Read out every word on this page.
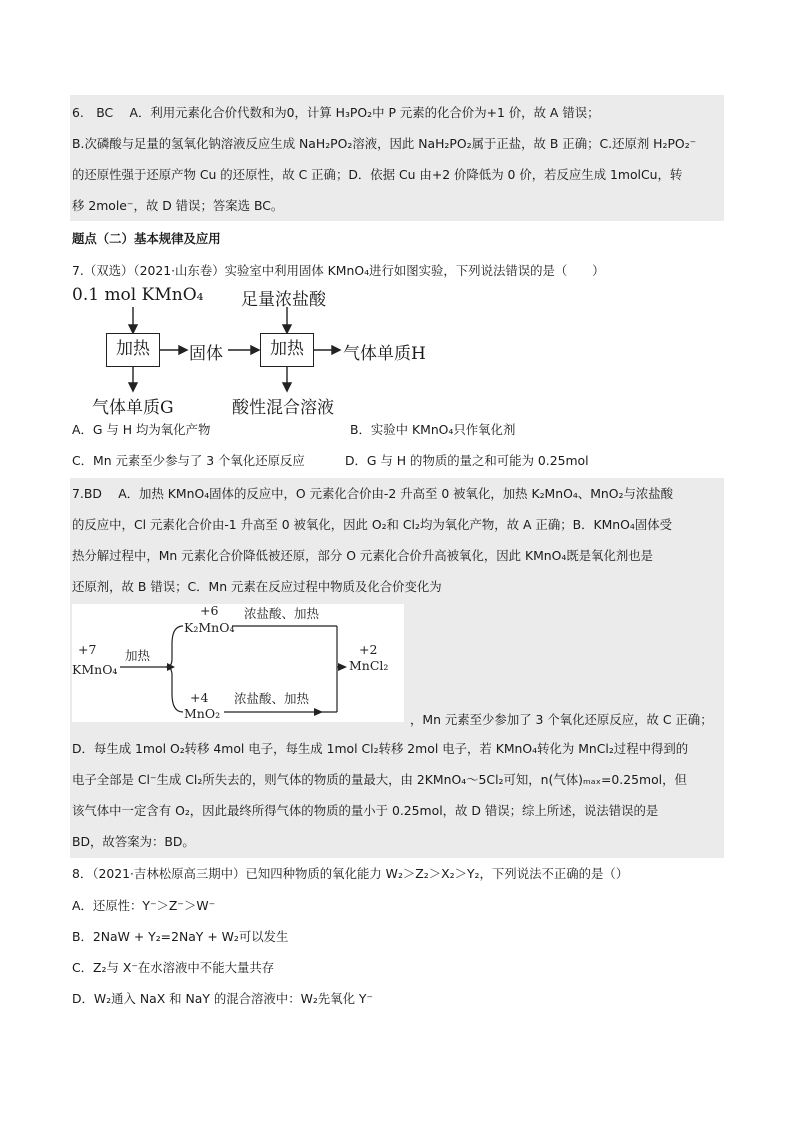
6.　BC　 A．利用元素化合价代数和为0，计算 H₃PO₂中 P 元素的化合价为+1 价，故 A 错误；
B.次磷酸与足量的氢氧化钠溶液反应生成 NaH₂PO₂溶液，因此 NaH₂PO₂属于正盐，故 B 正确；C.还原剂 H₂PO₂⁻
的还原性强于还原产物 Cu 的还原性，故 C 正确；D．依据 Cu 由+2 价降低为 0 价，若反应生成 1molCu，转
移 2mole⁻，故 D 错误；答案选 BC。
题点（二）基本规律及应用
7.（双选）（2021·山东卷）实验室中利用固体 KMnO₄进行如图实验，下列说法错误的是（　　）
0.1 mol KMnO₄ 足量浓盐酸
加热	固体	加热	气体单质H
气体单质G	酸性混合溶液
A．G 与 H 均为氧化产物	B．实验中 KMnO₄只作氧化剂
C．Mn 元素至少参与了 3 个氧化还原反应	D．G 与 H 的物质的量之和可能为 0.25mol
7.BD　 A．加热 KMnO₄固体的反应中，O 元素化合价由-2 升高至 0 被氧化，加热 K₂MnO₄、MnO₂与浓盐酸
的反应中，Cl 元素化合价由-1 升高至 0 被氧化，因此 O₂和 Cl₂均为氧化产物，故 A 正确；B．KMnO₄固体受
热分解过程中，Mn 元素化合价降低被还原，部分 O 元素化合价升高被氧化，因此 KMnO₄既是氧化剂也是
还原剂，故 B 错误；C．Mn 元素在反应过程中物质及化合价变化为
+7
KMnO₄
加热
+6
K₂MnO₄
+4
MnO₂
浓盐酸、加热
浓盐酸、加热
+2
MnCl₂
，Mn 元素至少参加了 3 个氧化还原反应，故 C 正确；
D．每生成 1mol O₂转移 4mol 电子，每生成 1mol Cl₂转移 2mol 电子，若 KMnO₄转化为 MnCl₂过程中得到的
电子全部是 Cl⁻生成 Cl₂所失去的，则气体的物质的量最大，由 2KMnO₄～5Cl₂可知，n(气体)ₘₐₓ=0.25mol，但
该气体中一定含有 O₂，因此最终所得气体的物质的量小于 0.25mol，故 D 错误；综上所述，说法错误的是
BD，故答案为：BD。
8．（2021·吉林松原高三期中）已知四种物质的氧化能力 W₂＞Z₂＞X₂＞Y₂，下列说法不正确的是（）
A．还原性：Y⁻＞Z⁻＞W⁻
B．2NaW + Y₂=2NaY + W₂可以发生
C．Z₂与 X⁻在水溶液中不能大量共存
D．W₂通入 NaX 和 NaY 的混合溶液中：W₂先氧化 Y⁻
